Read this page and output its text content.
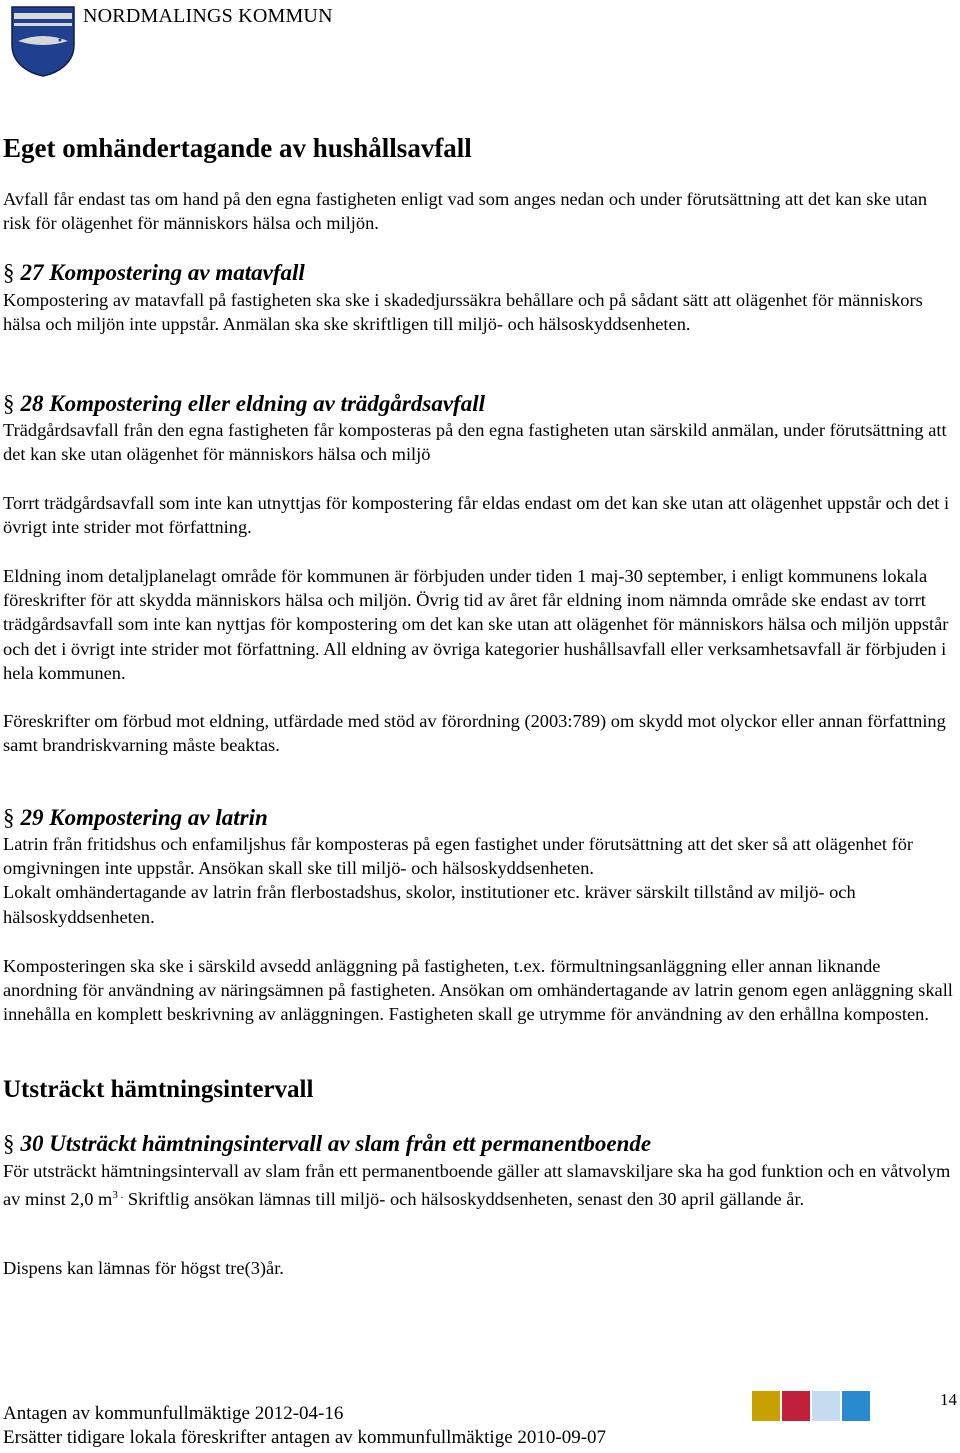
NORDMALINGS KOMMUN
Eget omhändertagande av hushållsavfall

Avfall får endast tas om hand på den egna fastigheten enligt vad som anges nedan och under förutsättning att det kan ske utan risk för olägenhet för människors hälsa och miljön.

§ 27 Kompostering av matavfall

Kompostering av matavfall på fastigheten ska ske i skadedjurssäkra behållare och på sådant sätt att olägenhet för människors hälsa och miljön inte uppstår. Anmälan ska ske skriftligen till miljö- och hälsoskyddsenheten.

§ 28 Kompostering eller eldning av trädgårdsavfall

Trädgårdsavfall från den egna fastigheten får komposteras på den egna fastigheten utan särskild anmälan, under förutsättning att det kan ske utan olägenhet för människors hälsa och miljö

Torrt trädgårdsavfall som inte kan utnyttjas för kompostering får eldas endast om det kan ske utan att olägenhet uppstår och det i övrigt inte strider mot författning.

Eldning inom detaljplanelagt område för kommunen är förbjuden under tiden 1 maj-30 september, i enligt kommunens lokala föreskrifter för att skydda människors hälsa och miljön. Övrig tid av året får eldning inom nämnda område ske endast av torrt trädgårdsavfall som inte kan nyttjas för kompostering om det kan ske utan att olägenhet för människors hälsa och miljön uppstår och det i övrigt inte strider mot författning. All eldning av övriga kategorier hushållsavfall eller verksamhetsavfall är förbjuden i hela kommunen.

Föreskrifter om förbud mot eldning, utfärdade med stöd av förordning (2003:789) om skydd mot olyckor eller annan författning samt brandriskvarning måste beaktas.

§ 29 Kompostering av latrin

Latrin från fritidshus och enfamiljshus får komposteras på egen fastighet under förutsättning att det sker så att olägenhet för omgivningen inte uppstår. Ansökan skall ske till miljö- och hälsoskyddsenheten.
Lokalt omhändertagande av latrin från flerbostadshus, skolor, institutioner etc. kräver särskilt tillstånd av miljö- och hälsoskyddsenheten.

Komposteringen ska ske i särskild avsedd anläggning på fastigheten, t.ex. förmultningsanläggning eller annan liknande anordning för användning av näringsämnen på fastigheten. Ansökan om omhändertagande av latrin genom egen anläggning skall innehålla en komplett beskrivning av anläggningen. Fastigheten skall ge utrymme för användning av den erhållna komposten.

Utsträckt hämtningsintervall
§ 30 Utsträckt hämtningsintervall av slam från ett permanentboende

För utsträckt hämtningsintervall av slam från ett permanentboende gäller att slamavskiljare ska ha god funktion och en våtvolym av minst 2,0 $m^{3 .}$ Skriftlig ansökan lämnas till miljö- och hälsoskyddsenheten, senast den 30 april gällande år.

Dispens kan lämnas för högst tre(3)år.

Antagen av kommunfullmäktige 2012-04-16
Ersätter tidigare lokala föreskrifter antagen av kommunfullmäktige 2010-09-07
14
